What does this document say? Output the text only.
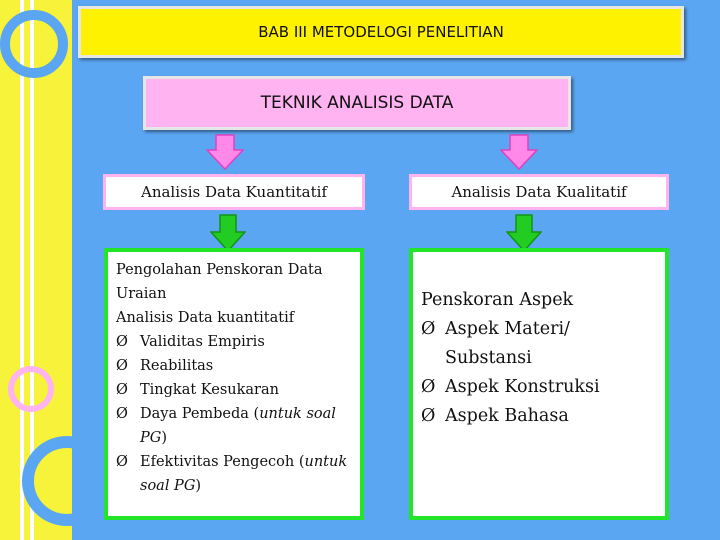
BAB III METODELOGI PENELITIAN
TEKNIK ANALISIS DATA
Analisis Data Kuantitatif	Analisis Data Kualitatif
Pengolahan Penskoran Data
Uraian
Analisis Data kuantitatif
Ø Validitas Empiris
Ø Reabilitas
Ø Tingkat Kesukaran
Ø Daya Pembeda (untuk soal PG)
Ø Efektivitas Pengecoh (untuk soal PG)
Penskoran Aspek
Ø Aspek Materi/ Substansi
Ø Aspek Konstruksi
Ø Aspek Bahasa
